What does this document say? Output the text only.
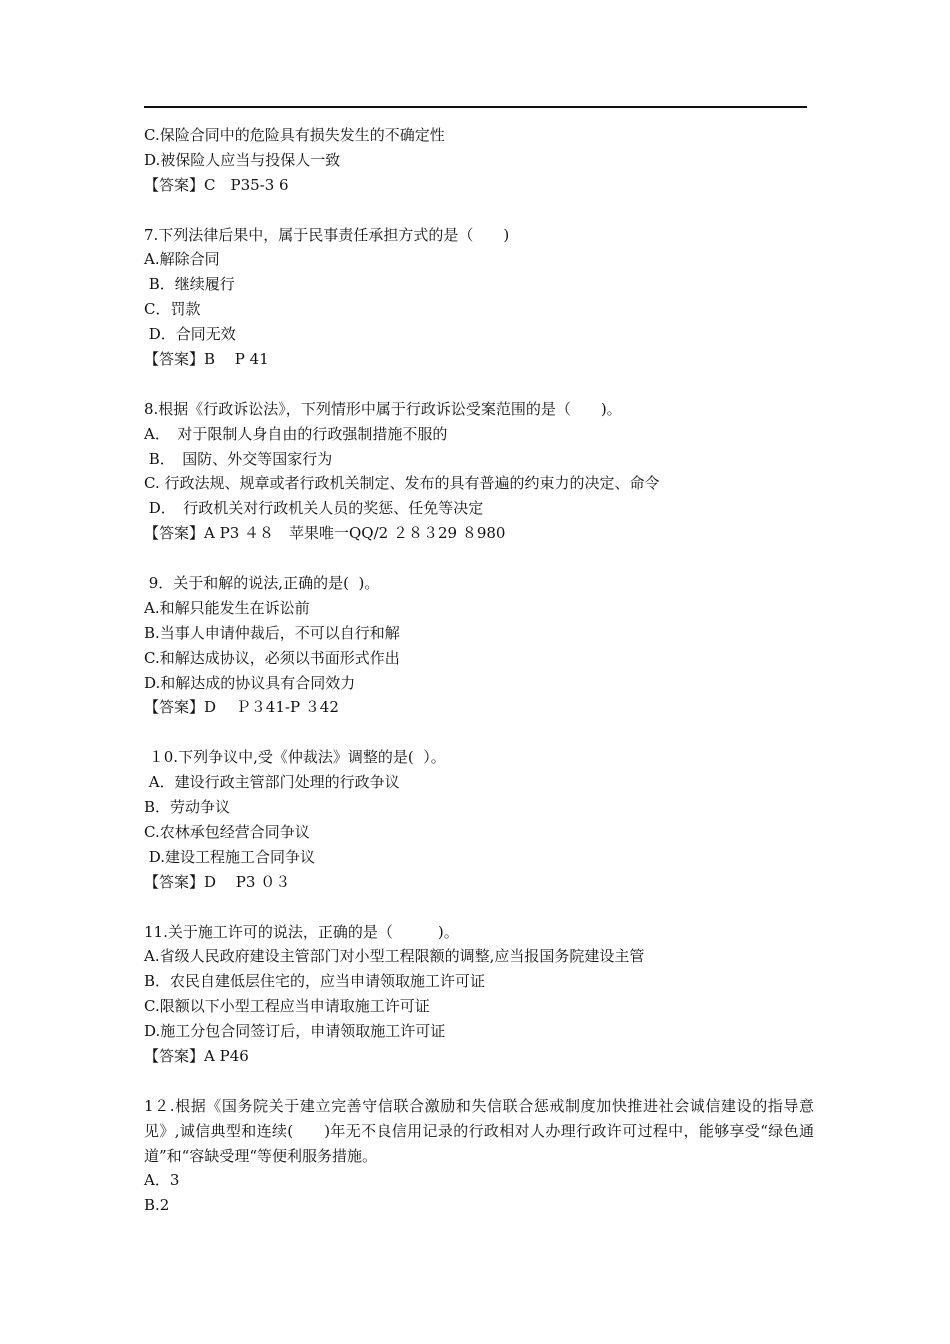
C.保险合同中的危险具有损失发生的不确定性

D.被保险人应当与投保人一致

【答案】C　P35-3 6

7.下列法律后果中，属于民事责任承担方式的是（　　)

A.解除合同

B．继续履行

C．罚款

D．合同无效

【答案】B　 P 41

8.根据《行政诉讼法》，下列情形中属于行政诉讼受案范围的是（　　)。

A．　对于限制人身自由的行政强制措施不服的

B．　国防、外交等国家行为

C. 行政法规、规章或者行政机关制定、发布的具有普遍的约束力的决定、命令

D．　行政机关对行政机关人员的奖惩、任免等决定

【答案】A P3 ４８　苹果唯一QQ/2 ２８３29 ８980

9．关于和解的说法,正确的是(  )。

A.和解只能发生在诉讼前

B.当事人申请仲裁后，不可以自行和解

C.和解达成协议，必须以书面形式作出

D.和解达成的协议具有合同效力

【答案】D　 Ｐ３41-P ３42

１0.下列争议中,受《仲裁法》调整的是(  ）。

A．建设行政主管部门处理的行政争议

B．劳动争议

C.农林承包经营合同争议

D.建设工程施工合同争议

【答案】D　 P3 ０３

11.关于施工许可的说法，正确的是（　　　)。

A.省级人民政府建设主管部门对小型工程限额的调整,应当报国务院建设主管

B．农民自建低层住宅的，应当申请领取施工许可证

C.限额以下小型工程应当申请取施工许可证

D.施工分包合同签订后，申请领取施工许可证

【答案】A P46

1２.根据《国务院关于建立完善守信联合激励和失信联合惩戒制度加快推进社会诚信建设的指导意见》,诚信典型和连续(　　)年无不良信用记录的行政相对人办理行政许可过程中，能够享受“绿色通道”和“容缺受理“等便利服务措施。

A．3

B.2
